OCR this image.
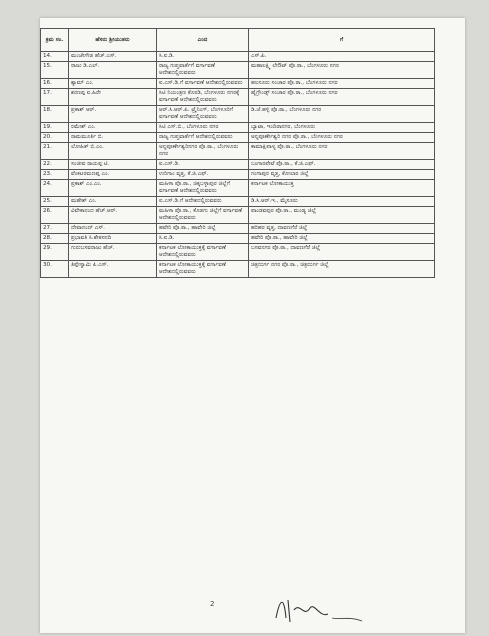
ಕ್ರಮ ಸಂ.	ಹೆಸರು ಶ್ರೀಯುತರು	ಎಂದ	ಗೆ
14.	ಮಂಜೇಗೌಡ ಹೆಚ್.ಎಸ್.	ಸಿ.ಐ.ಡಿ.	ಎಸ್.ಪಿ.
15.	ರಾಜು ಡಿ.ಎಲ್.	ರಾಜ್ಯ ಗುಪ್ತವಾರ್ತೆಗೆ ವರ್ಗಾವಣೆ ಆದೇಶದಲ್ಲಿರುವವರು	ಮಹಾಲಕ್ಷ್ಮಿ ಲೇಔಟ್ ಪೊ.ಠಾ., ಬೆಂಗಳೂರು ನಗರ
16.	ಶ್ಯಾಮ್ ಎಂ.	ಐ.ಎಸ್.ಡಿ.ಗೆ ವರ್ಗಾವಣೆ ಆದೇಶದಲ್ಲಿರುವವರು	ಹಲಸೂರು ಸಂಚಾರ ಪೊ.ಠಾ., ಬೆಂಗಳೂರು ನಗರ
17.	ಶರಣಪ್ಪ ಐ.ಹಿರೇ	ಸಿಟಿ ನಿಯಂತ್ರಣ ಕೊಠಡಿ, ಬೆಂಗಳೂರು ನಗರಕ್ಕೆ ವರ್ಗಾವಣೆ ಆದೇಶದಲ್ಲಿರುವವರು	ಹೈಗ್ರೌಂಡ್ಸ್ ಸಂಚಾರ ಪೊ.ಠಾ., ಬೆಂಗಳೂರು ನಗರ
18.	ಪ್ರಕಾಶ್ ಆರ್.	ಆರ್.ಸಿ.ಆರ್.ಪಿ. ಟ್ರೈನಿಂಗ್, ಬೆಂಗಳೂರಿಗೆ ವರ್ಗಾವಣೆ ಆದೇಶದಲ್ಲಿರುವವರು	ಡಿ.ಜೆ.ಹಳ್ಳಿ ಪೊ.ಠಾ., ಬೆಂಗಳೂರು ನಗರ
19.	ರಮೇಶ್ ಎಂ.	ಸಿಟಿ ಎಸ್.ಬಿ., ಬೆಂಗಳೂರು ನಗರ	ಬ್ಯಾಟಾ, ಇಂದಿರಾನಗರ, ಬೆಂಗಳೂರು
20.	ರಾಮಮೂರ್ತಿ ಬಿ.	ರಾಜ್ಯ ಗುಪ್ತವಾರ್ತೆಗೆ ಆದೇಶದಲ್ಲಿರುವವರು	ಅನ್ನಪೂರ್ಣೇಶ್ವರಿ ನಗರ ಪೊ.ಠಾ., ಬೆಂಗಳೂರು ನಗರ
21.	ಲೋಹಿತ್ ಬಿ.ಎಂ.	ಅನ್ನಪೂರ್ಣೇಶ್ವರಿನಗರ ಪೊ.ಠಾ., ಬೆಂಗಳೂರು ನಗರ	ಕಾಮಾಕ್ಷಿಪಾಳ್ಯ ಪೊ.ಠಾ., ಬೆಂಗಳೂರು ನಗರ
22.	ಸಂಜೀವ ರಾಯಪ್ಪ ಟಿ.	ಐ.ಎಸ್.ಡಿ.	ಬಂಗಾರಪೇಟೆ ಪೊ.ಠಾ., ಕೆ.ಜಿ.ಎಫ್.
23.	ವೆಂಕಟರಮಣಪ್ಪ ಎಂ.	ಉರಿಗಾಂ ವೃತ್ತ, ಕೆ.ಜಿ.ಎಫ್.	ಗಂಗಾಪುರ ವೃತ್ತ, ಕೋಲಾರ ಜಿಲ್ಲೆ
24.	ಪ್ರಕಾಶ್ ಎಂ.ಎಂ.	ಮಹಿಳಾ ಪೊ.ಠಾ., ಚಿಕ್ಕಬಳ್ಳಾಪುರ ಜಿಲ್ಲೆಗೆ ವರ್ಗಾವಣೆ ಆದೇಶದಲ್ಲಿರುವವರು	ಕರ್ನಾಟಕ ಲೋಕಾಯುಕ್ತ
25.	ಮಹೇಶ್ ಎಂ.	ಐ.ಎಸ್.ಡಿ.ಗೆ ಆದೇಶದಲ್ಲಿರುವವರು	ಡಿ.ಸಿ.ಆರ್.ಇ., ಮೈಸೂರು
26.	ವಿವೇಕಾನಂದ ಹೆಚ್.ಆರ್.	ಮಹಿಳಾ ಪೊ.ಠಾ., ಕೊಡಗು ಜಿಲ್ಲೆಗೆ ವರ್ಗಾವಣೆ ಆದೇಶದಲ್ಲಿರುವವರು	ಪಾಂಡವಪುರ ಪೊ.ಠಾ., ಮಂಡ್ಯ ಜಿಲ್ಲೆ
27.	ದೇವಾನಂದ್ ಎಸ್.	ಹವೇರಿ ಪೊ.ಠಾ., ಹಾವೇರಿ ಜಿಲ್ಲೆ	ಹರಿಹರ ವೃತ್ತ, ದಾವಣಗೆರೆ ಜಿಲ್ಲೆ
28.	ಪ್ರಭಾವತಿ ಸಿ.ಶೇತಸನದಿ	ಸಿ.ಐ.ಡಿ.	ಹವೇರಿ ಪೊ.ಠಾ., ಹಾವೇರಿ ಜಿಲ್ಲೆ
29.	ಗುರುಬಸವರಾಜು ಹೆಚ್.	ಕರ್ನಾಟಕ ಲೋಕಾಯುಕ್ತಕ್ಕೆ ವರ್ಗಾವಣೆ ಆದೇಶದಲ್ಲಿರುವವರು	ಬಸವನಗರ ಪೊ.ಠಾ., ದಾವಣಗೆರೆ ಜಿಲ್ಲೆ
30.	ತಿಪ್ಪೇಸ್ವಾಮಿ ಪಿ.ಎಸ್.	ಕರ್ನಾಟಕ ಲೋಕಾಯುಕ್ತಕ್ಕೆ ವರ್ಗಾವಣೆ ಆದೇಶದಲ್ಲಿರುವವರು	ಚಿತ್ರದುರ್ಗ ನಗರ ಪೊ.ಠಾ., ಚಿತ್ರದುರ್ಗ ಜಿಲ್ಲೆ
2
